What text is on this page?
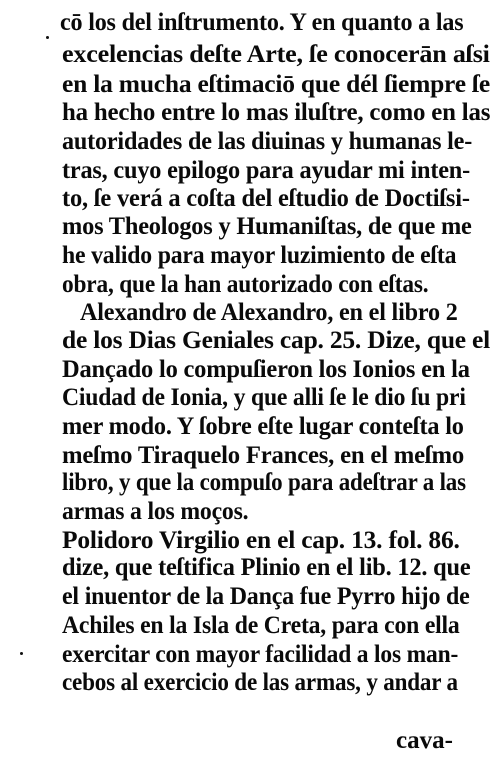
cō los del inſtrumento. Y en quanto a las
excelencias deſte Arte, ſe conocerān aſsi
en la mucha eſtimaciō que dél ſiempre ſe
ha hecho entre lo mas iluſtre, como en las
autoridades de las diuinas y humanas le-
tras, cuyo epilogo para ayudar mi inten-
to, ſe verá a coſta del eſtudio de Doctiſsi-
mos Theologos y Humaniſtas, de que me
he valido para mayor luzimiento de eſta
obra, que la han autorizado con eſtas.
Alexandro de Alexandro, en el libro 2
de los Dias Geniales cap. 25. Dize, que el
Dançado lo compuſieron los Ionios en la
Ciudad de Ionia, y que alli ſe le dio ſu pri
mer modo. Y ſobre eſte lugar conteſta lo
meſmo Tiraquelo Frances, en el meſmo
libro, y que la compuſo para adeſtrar a las
armas a los moços.
Polidoro Virgilio en el cap. 13. fol. 86.
dize, que teſtifica Plinio en el lib. 12. que
el inuentor de la Dança fue Pyrro hijo de
Achiles en la Isla de Creta, para con ella
exercitar con mayor facilidad a los man-
cebos al exercicio de las armas, y andar a
cava-
